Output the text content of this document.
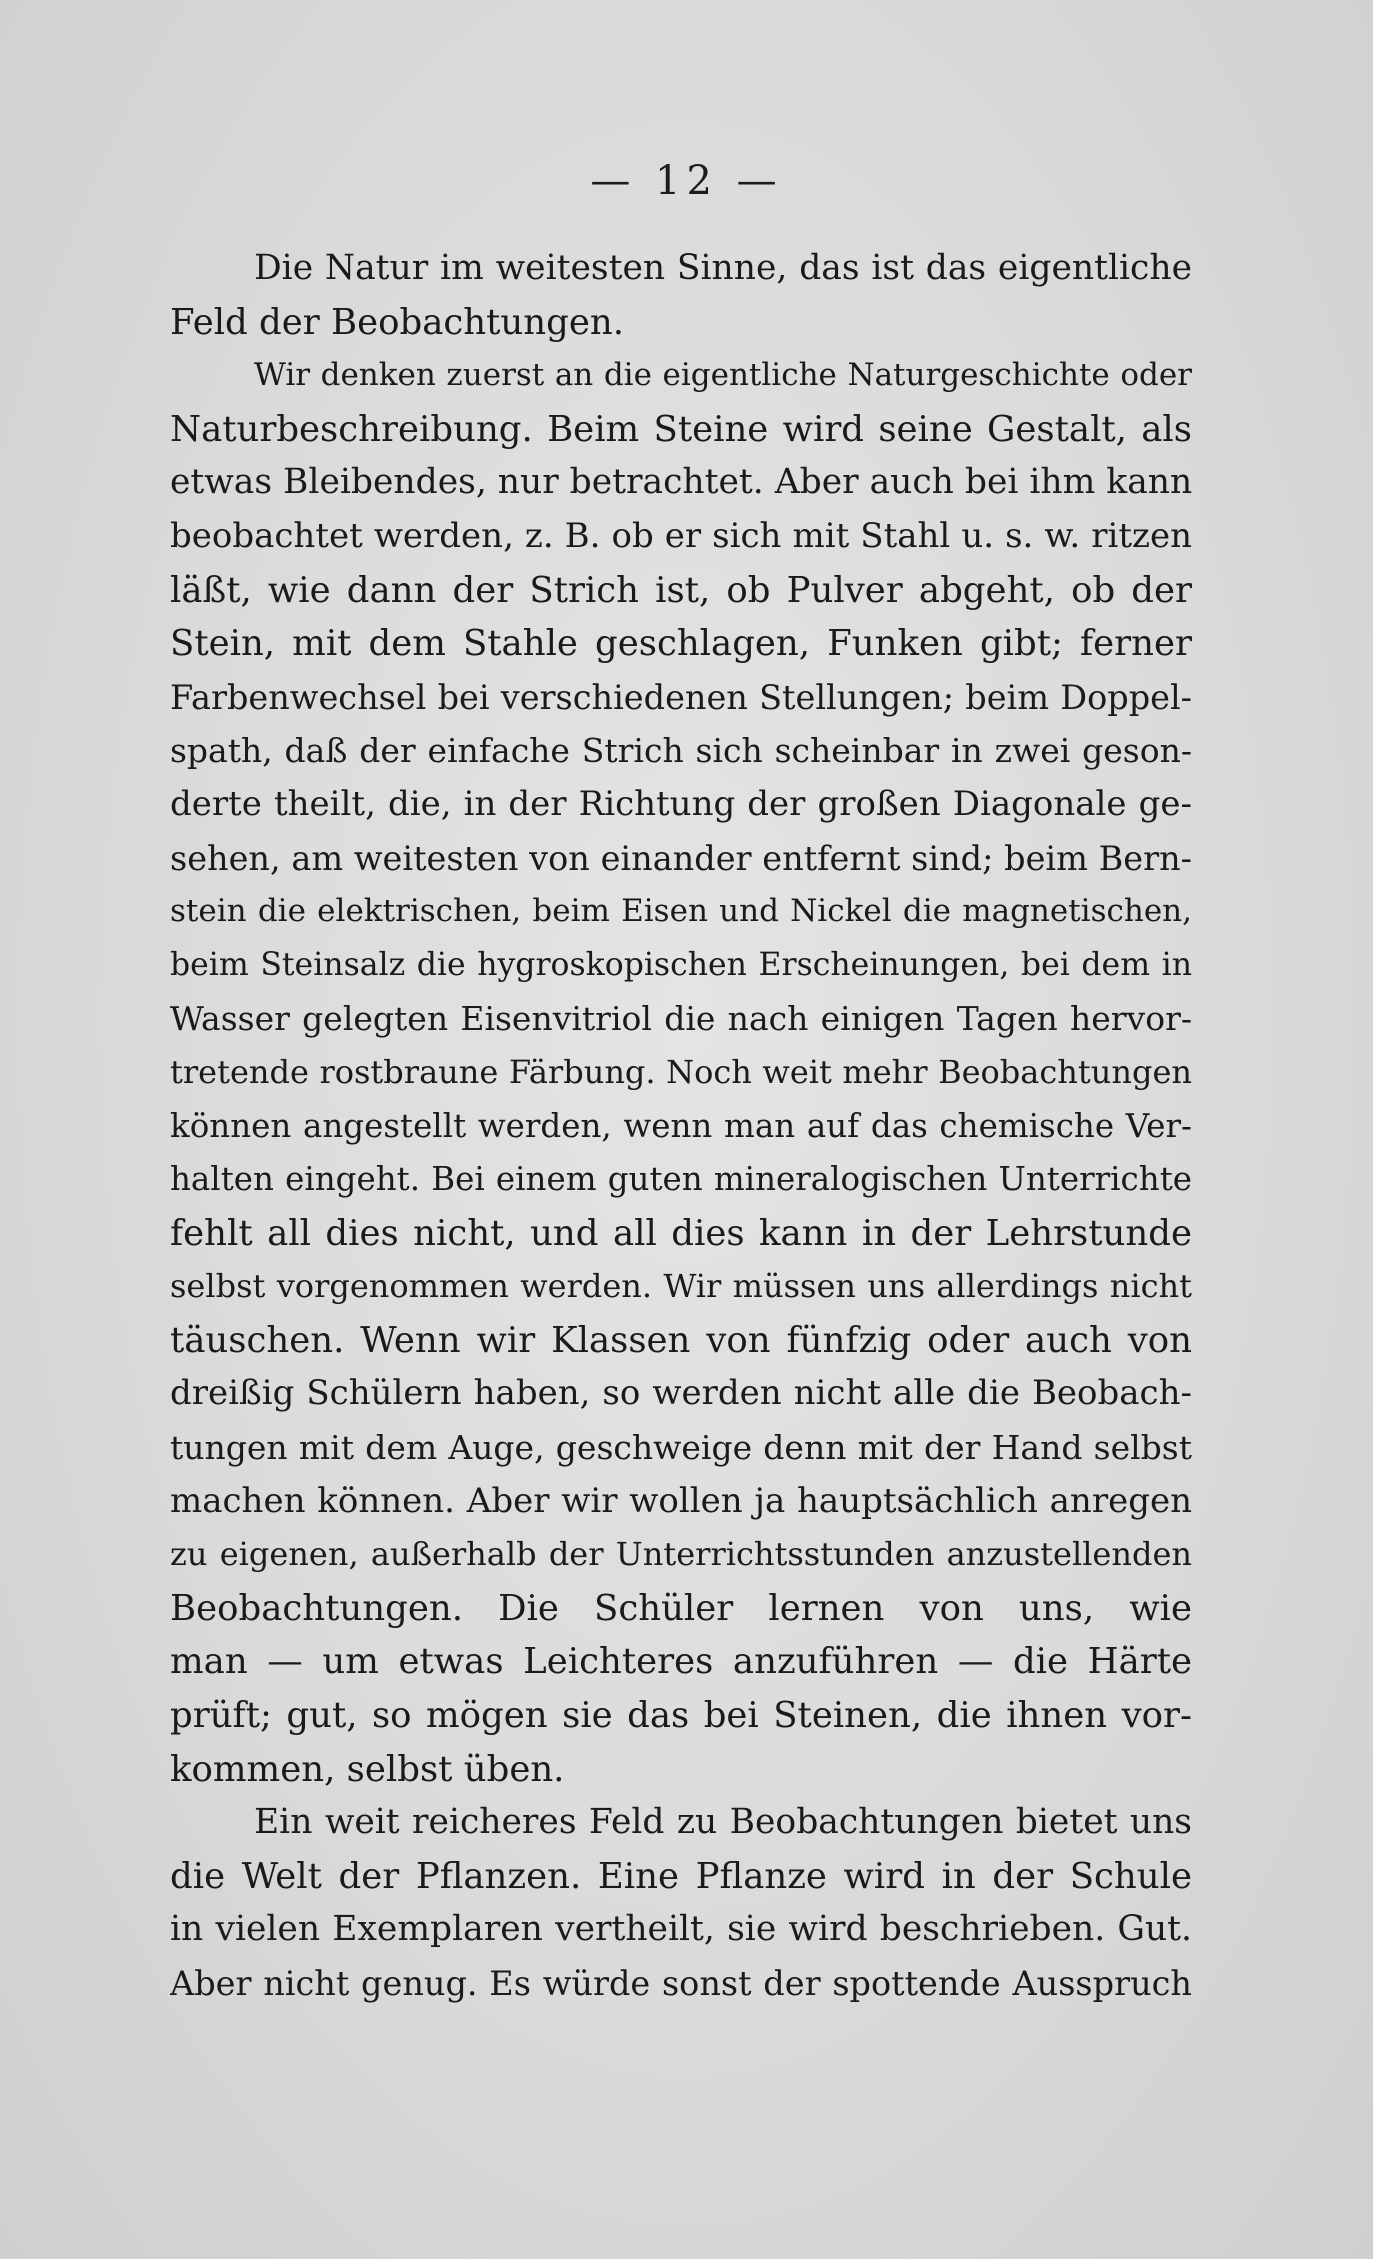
— 12 —
Die Natur im weitesten Sinne, das ist das eigentliche
Feld der Beobachtungen.
Wir denken zuerst an die eigentliche Naturgeschichte oder
Naturbeschreibung. Beim Steine wird seine Gestalt, als
etwas Bleibendes, nur betrachtet. Aber auch bei ihm kann
beobachtet werden, z. B. ob er sich mit Stahl u. s. w. ritzen
läßt, wie dann der Strich ist, ob Pulver abgeht, ob der
Stein, mit dem Stahle geschlagen, Funken gibt; ferner
Farbenwechsel bei verschiedenen Stellungen; beim Doppel-
spath, daß der einfache Strich sich scheinbar in zwei geson-
derte theilt, die, in der Richtung der großen Diagonale ge-
sehen, am weitesten von einander entfernt sind; beim Bern-
stein die elektrischen, beim Eisen und Nickel die magnetischen,
beim Steinsalz die hygroskopischen Erscheinungen, bei dem in
Wasser gelegten Eisenvitriol die nach einigen Tagen hervor-
tretende rostbraune Färbung. Noch weit mehr Beobachtungen
können angestellt werden, wenn man auf das chemische Ver-
halten eingeht. Bei einem guten mineralogischen Unterrichte
fehlt all dies nicht, und all dies kann in der Lehrstunde
selbst vorgenommen werden. Wir müssen uns allerdings nicht
täuschen. Wenn wir Klassen von fünfzig oder auch von
dreißig Schülern haben, so werden nicht alle die Beobach-
tungen mit dem Auge, geschweige denn mit der Hand selbst
machen können. Aber wir wollen ja hauptsächlich anregen
zu eigenen, außerhalb der Unterrichtsstunden anzustellenden
Beobachtungen. Die Schüler lernen von uns, wie
man — um etwas Leichteres anzuführen — die Härte
prüft; gut, so mögen sie das bei Steinen, die ihnen vor-
kommen, selbst üben.
Ein weit reicheres Feld zu Beobachtungen bietet uns
die Welt der Pflanzen. Eine Pflanze wird in der Schule
in vielen Exemplaren vertheilt, sie wird beschrieben. Gut.
Aber nicht genug. Es würde sonst der spottende Ausspruch
